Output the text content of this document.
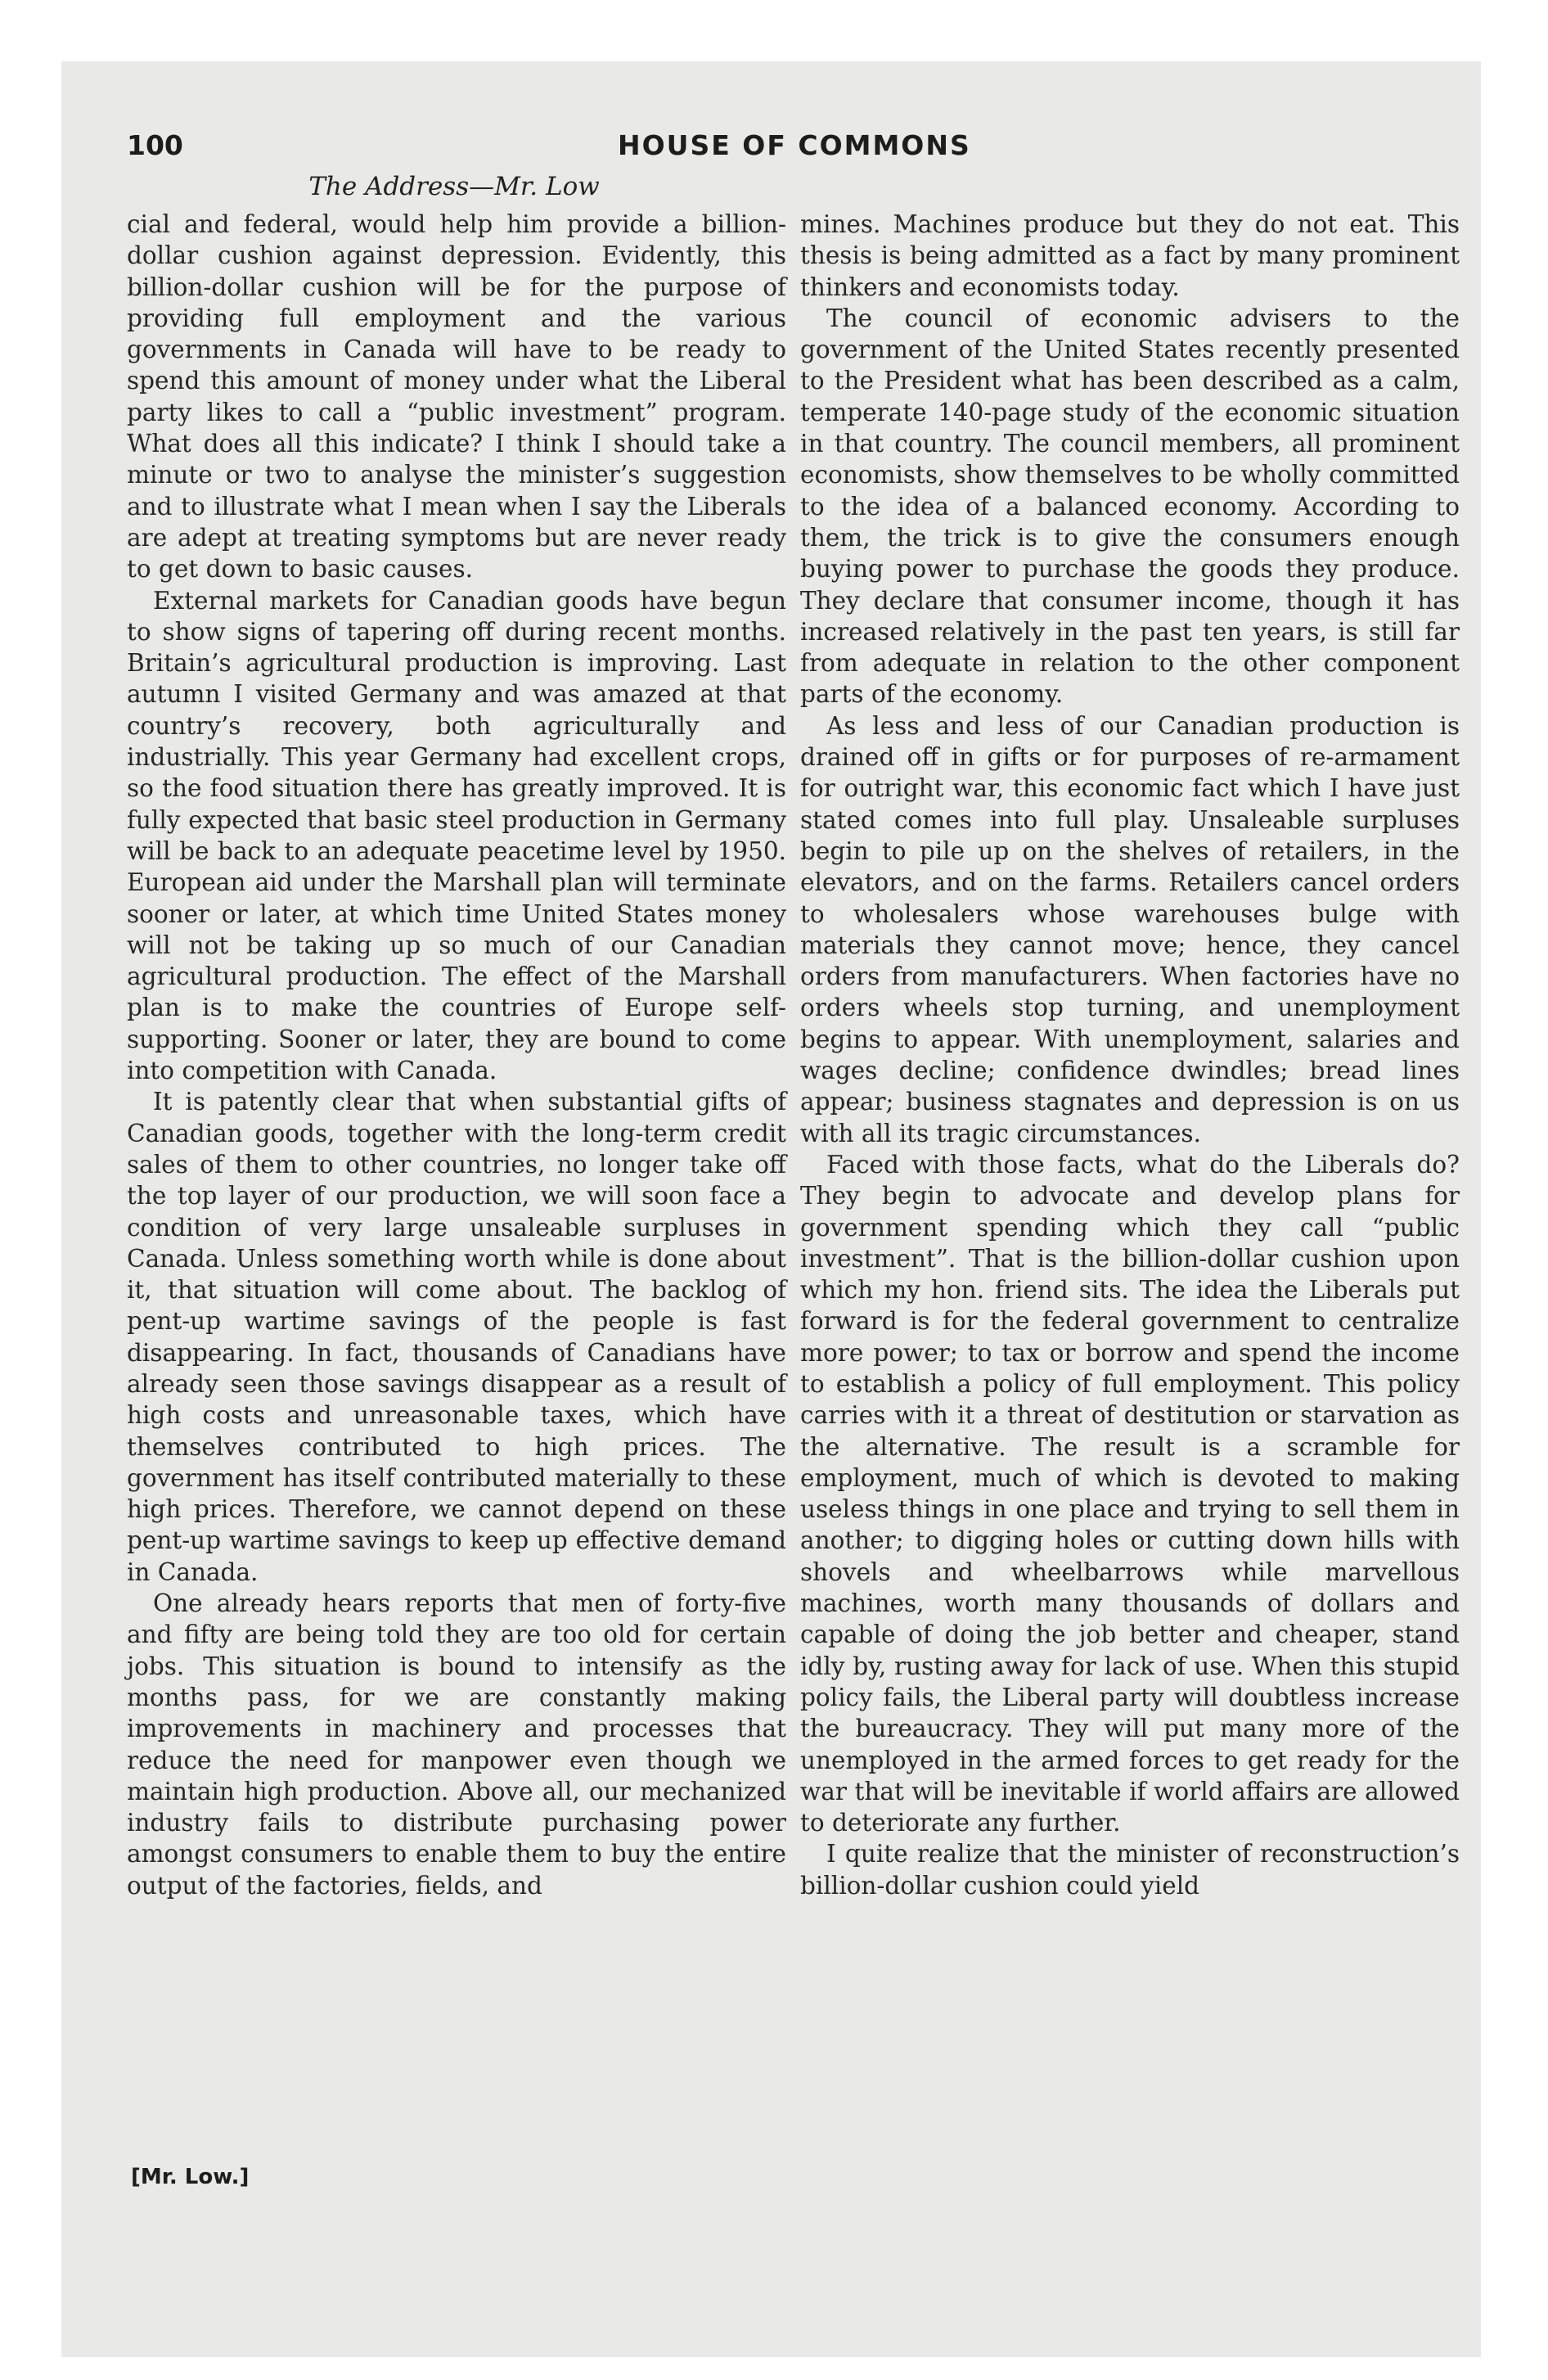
100	HOUSE OF COMMONS
The Address—Mr. Low

cial and federal, would help him provide a billion-dollar cushion against depression. Evidently, this billion-dollar cushion will be for the purpose of providing full employment and the various governments in Canada will have to be ready to spend this amount of money under what the Liberal party likes to call a “public investment” program. What does all this indicate? I think I should take a minute or two to analyse the minister’s suggestion and to illustrate what I mean when I say the Liberals are adept at treating symptoms but are never ready to get down to basic causes.

External markets for Canadian goods have begun to show signs of tapering off during recent months. Britain’s agricultural production is improving. Last autumn I visited Germany and was amazed at that country’s recovery, both agriculturally and industrially. This year Germany had excellent crops, so the food situation there has greatly improved. It is fully expected that basic steel production in Germany will be back to an adequate peacetime level by 1950. European aid under the Marshall plan will terminate sooner or later, at which time United States money will not be taking up so much of our Canadian agricultural production. The effect of the Marshall plan is to make the countries of Europe self-supporting. Sooner or later, they are bound to come into competition with Canada.

It is patently clear that when substantial gifts of Canadian goods, together with the long-term credit sales of them to other countries, no longer take off the top layer of our production, we will soon face a condition of very large unsaleable surpluses in Canada. Unless something worth while is done about it, that situation will come about. The backlog of pent-up wartime savings of the people is fast disappearing. In fact, thousands of Canadians have already seen those savings disappear as a result of high costs and unreasonable taxes, which have themselves contributed to high prices. The government has itself contributed materially to these high prices. Therefore, we cannot depend on these pent-up wartime savings to keep up effective demand in Canada.

One already hears reports that men of forty-five and fifty are being told they are too old for certain jobs. This situation is bound to intensify as the months pass, for we are constantly making improvements in machinery and processes that reduce the need for manpower even though we maintain high production. Above all, our mechanized industry fails to distribute purchasing power amongst consumers to enable them to buy the entire output of the factories, fields, and

mines. Machines produce but they do not eat. This thesis is being admitted as a fact by many prominent thinkers and economists today.

The council of economic advisers to the government of the United States recently presented to the President what has been described as a calm, temperate 140-page study of the economic situation in that country. The council members, all prominent economists, show themselves to be wholly committed to the idea of a balanced economy. According to them, the trick is to give the consumers enough buying power to purchase the goods they produce. They declare that consumer income, though it has increased relatively in the past ten years, is still far from adequate in relation to the other component parts of the economy.

As less and less of our Canadian production is drained off in gifts or for purposes of re-armament for outright war, this economic fact which I have just stated comes into full play. Unsaleable surpluses begin to pile up on the shelves of retailers, in the elevators, and on the farms. Retailers cancel orders to wholesalers whose warehouses bulge with materials they cannot move; hence, they cancel orders from manufacturers. When factories have no orders wheels stop turning, and unemployment begins to appear. With unemployment, salaries and wages decline; confidence dwindles; bread lines appear; business stagnates and depression is on us with all its tragic circumstances.

Faced with those facts, what do the Liberals do? They begin to advocate and develop plans for government spending which they call “public investment”. That is the billion-dollar cushion upon which my hon. friend sits. The idea the Liberals put forward is for the federal government to centralize more power; to tax or borrow and spend the income to establish a policy of full employment. This policy carries with it a threat of destitution or starvation as the alternative. The result is a scramble for employment, much of which is devoted to making useless things in one place and trying to sell them in another; to digging holes or cutting down hills with shovels and wheelbarrows while marvellous machines, worth many thousands of dollars and capable of doing the job better and cheaper, stand idly by, rusting away for lack of use. When this stupid policy fails, the Liberal party will doubtless increase the bureaucracy. They will put many more of the unemployed in the armed forces to get ready for the war that will be inevitable if world affairs are allowed to deteriorate any further.

I quite realize that the minister of reconstruction’s billion-dollar cushion could yield

[Mr. Low.]
